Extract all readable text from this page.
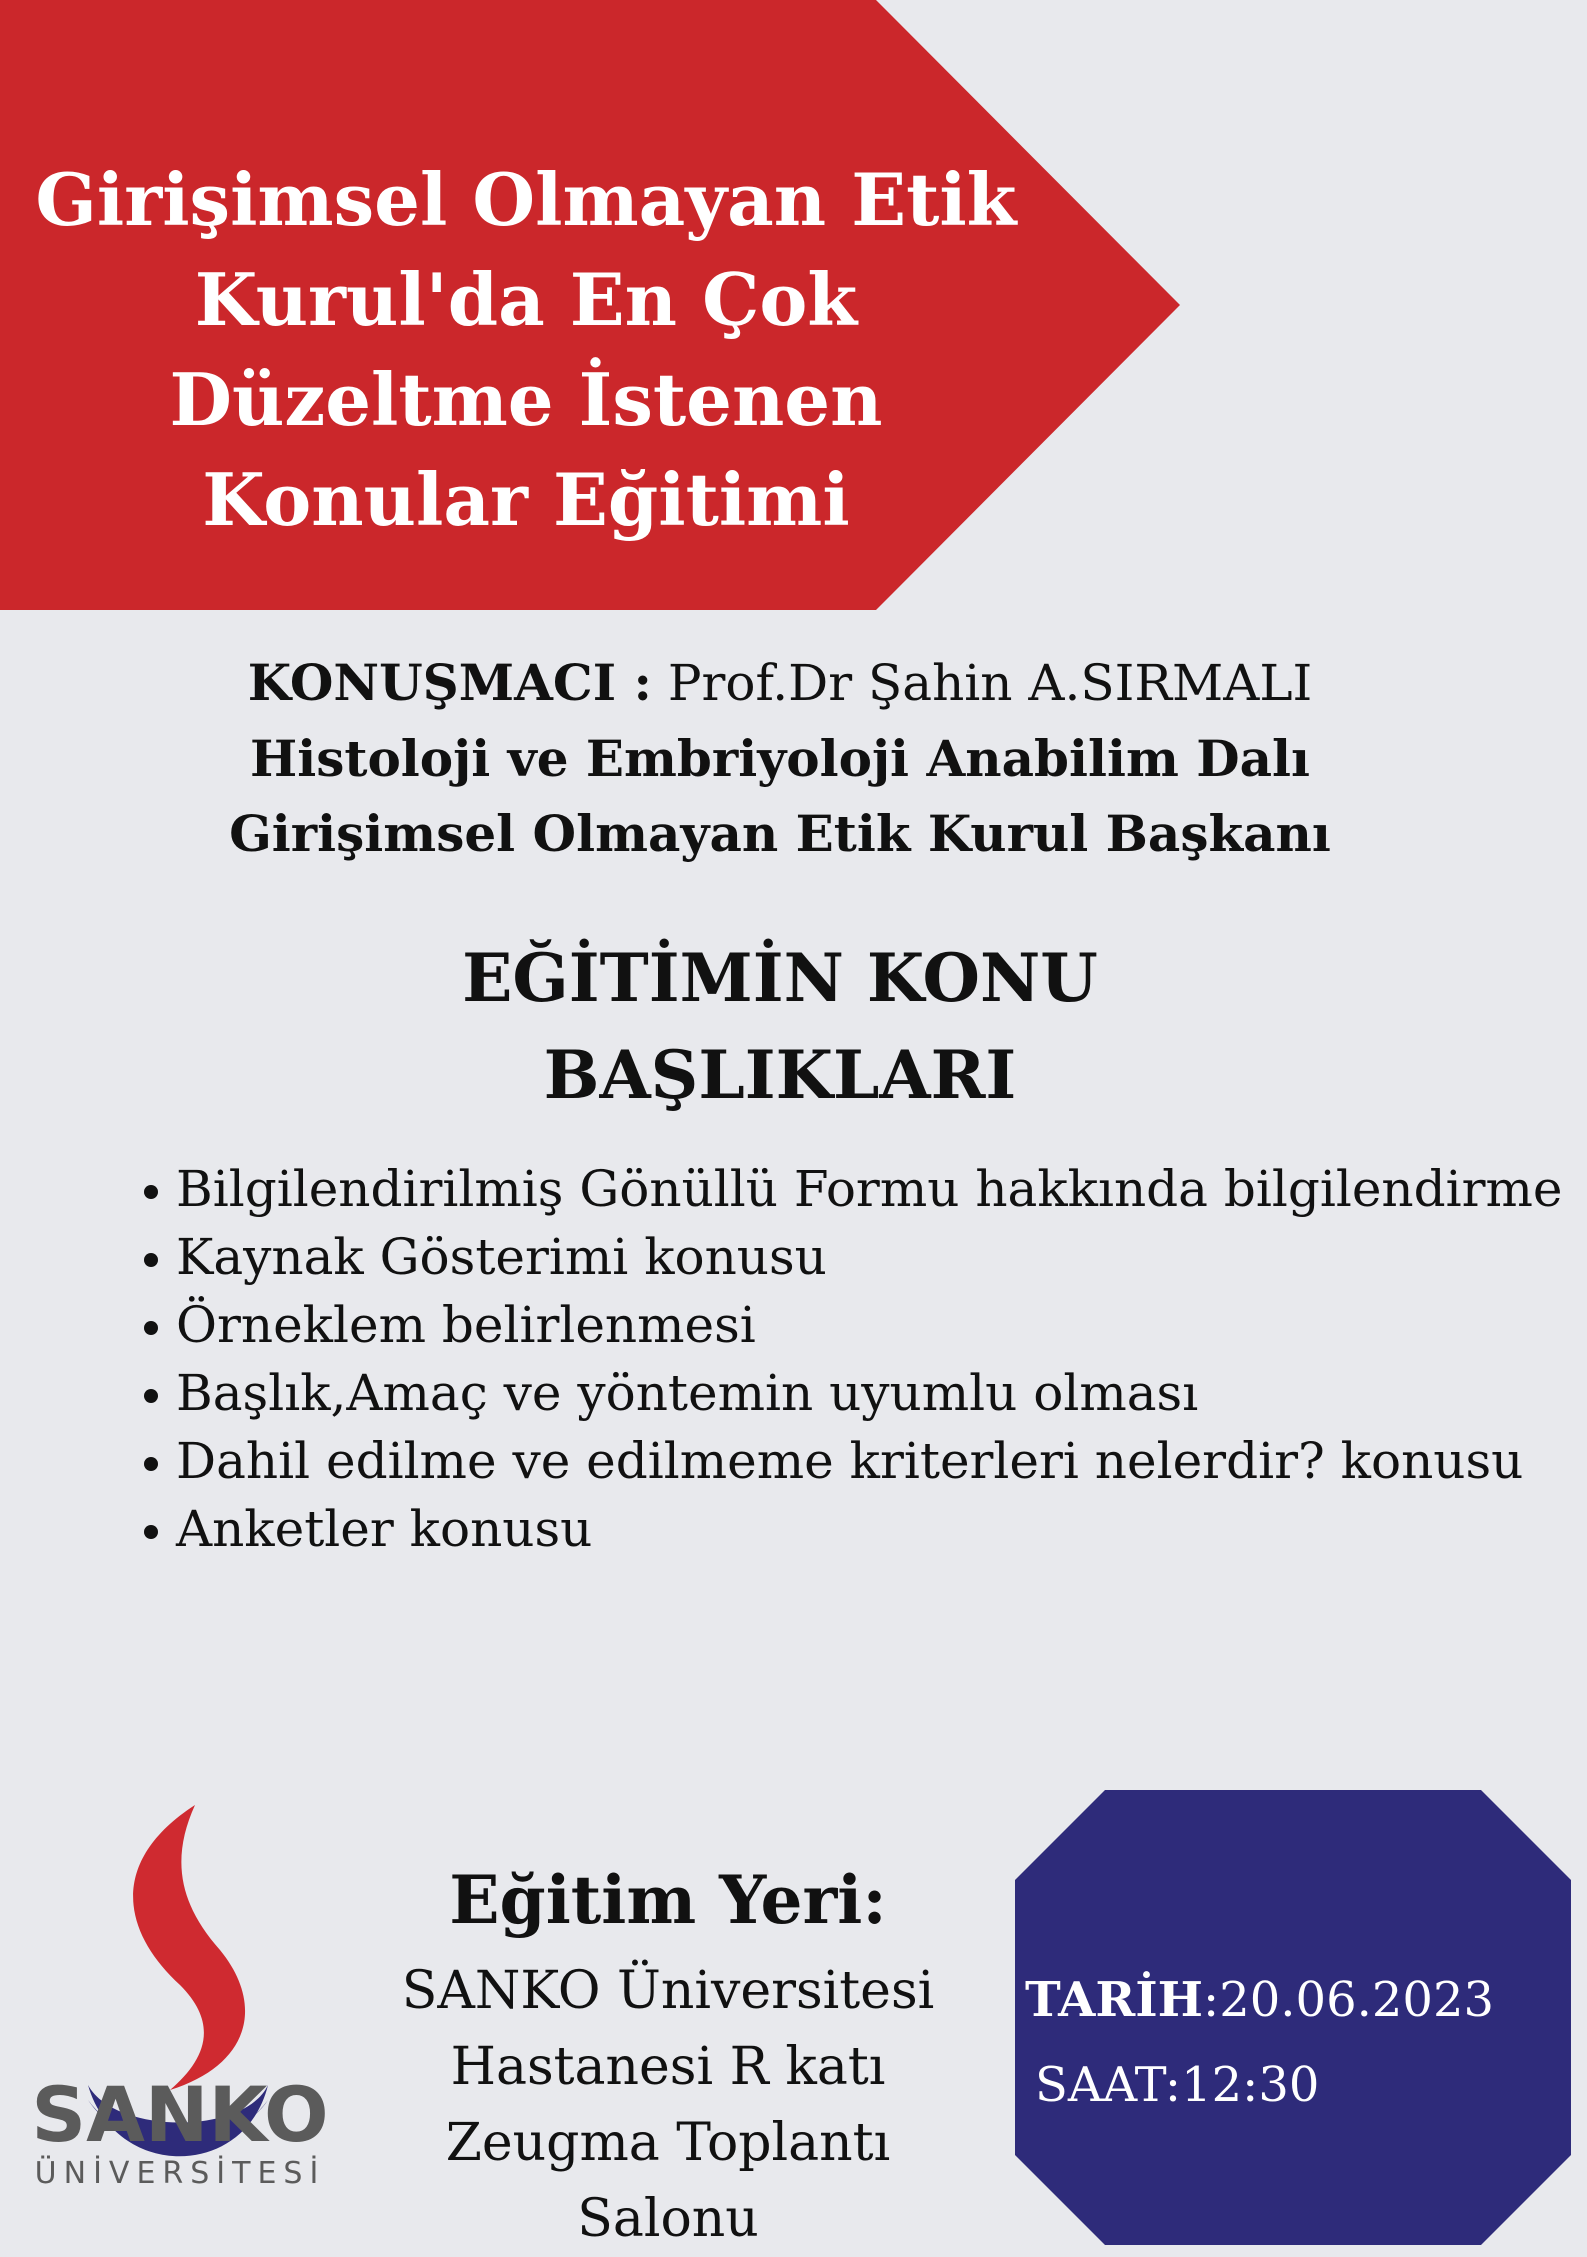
Girişimsel Olmayan Etik
Kurul'da En Çok
Düzeltme İstenen
Konular Eğitimi
KONUŞMACI : Prof.Dr Şahin A.SIRMALI
Histoloji ve Embriyoloji Anabilim Dalı
Girişimsel Olmayan Etik Kurul Başkanı
EĞİTİMİN KONU
BAŞLIKLARI
Bilgilendirilmiş Gönüllü Formu hakkında bilgilendirme
Kaynak Gösterimi konusu
Örneklem belirlenmesi
Başlık,Amaç ve yöntemin uyumlu olması
Dahil edilme ve edilmeme kriterleri nelerdir? konusu
Anketler konusu
SANKO
ÜNİVERSİTESİ
Eğitim Yeri:
SANKO Üniversitesi
Hastanesi R katı
Zeugma Toplantı
Salonu
TARİH:20.06.2023
SAAT:12:30
